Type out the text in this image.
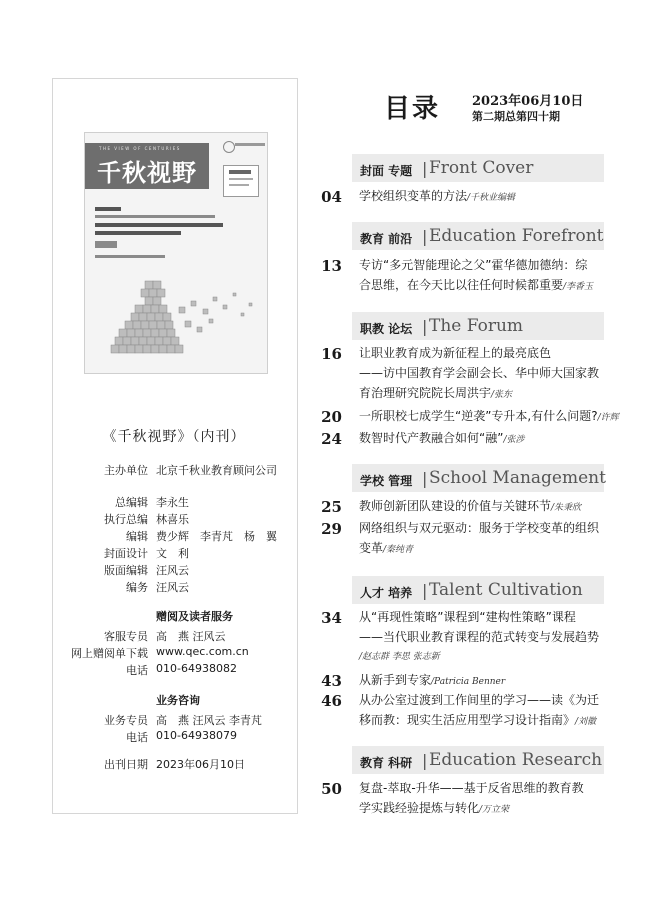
THE VIEW OF CENTURIES
千秋视野
《千秋视野》（内刊）
主办单位 北京千秋业教育顾问公司
总编辑 李永生
执行总编 林喜乐
编辑 费少辉　李青芃　杨　翼
封面设计 文　利
版面编辑 汪风云
编务 汪风云
赠阅及读者服务
客服专员 高　燕 汪风云
网上赠阅单下载 www.qec.com.cn
电话 010-64938082
业务咨询
业务专员 高　燕 汪风云 李青芃
电话 010-64938079
出刊日期 2023年06月10日
目录 2023年06月10日
第二期总第四十期
封面 专题 | Front Cover
04 学校组织变革的方法/千秋业编辑
教育 前沿 | Education Forefront
13 专访“多元智能理论之父”霍华德加德纳：综
合思维，在今天比以往任何时候都重要/李香玉
职教 论坛 | The Forum
16 让职业教育成为新征程上的最亮底色
——访中国教育学会副会长、华中师大国家教
育治理研究院院长周洪宇/张东
20 一所职校七成学生“逆袭”专升本,有什么问题?/许辉
24 数智时代产教融合如何“融”/张涉
学校 管理 | School Management
25 教师创新团队建设的价值与关键环节/朱秉欣
29 网络组织与双元驱动：服务于学校变革的组织
变革/秦纯青
人才 培养 | Talent Cultivation
34 从“再现性策略”课程到“建构性策略”课程
——当代职业教育课程的范式转变与发展趋势
/赵志群 李思 张志新
43 从新手到专家/Patricia Benner
46 从办公室过渡到工作间里的学习——读《为迁
移而教：现实生活应用型学习设计指南》/刘徽
教育 科研 | Education Research
50 复盘-萃取-升华——基于反省思维的教育教
学实践经验提炼与转化/万立荣
